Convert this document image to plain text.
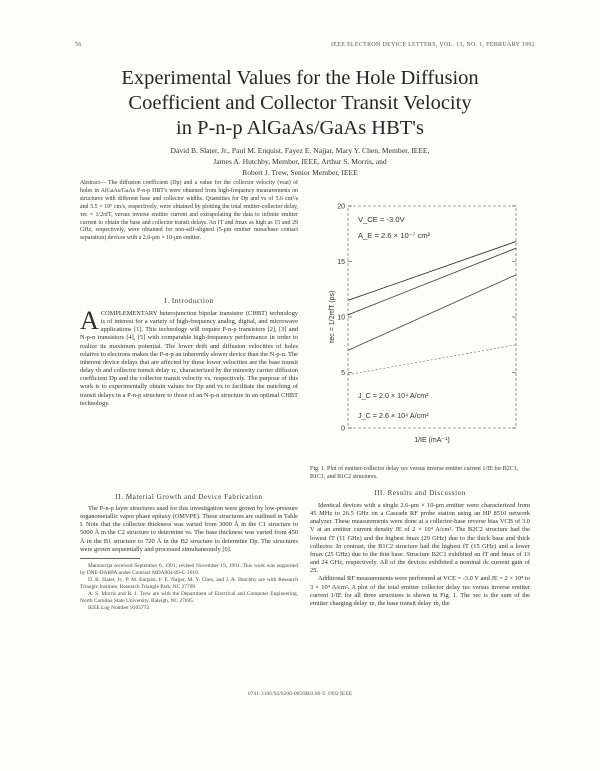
56	IEEE ELECTRON DEVICE LETTERS, VOL. 13, NO. 1, FEBRUARY 1992
Experimental Values for the Hole Diffusion
Coefficient and Collector Transit Velocity
in P-n-p AlGaAs/GaAs HBT's
David B. Slater, Jr., Paul M. Enquist, Fayez E. Najjar, Mary Y. Chen, Member, IEEE,
James A. Hutchby, Member, IEEE, Arthur S. Morris, and
Robert J. Trew, Senior Member, IEEE
Abstract— The diffusion coefficient (Dp) and a value for the collector velocity (vsat) of holes in AlGaAs/GaAs P-n-p HBT's were obtained from high-frequency measurements on structures with different base and collector widths. Quantities for Dp and vs of 5.6 cm²/s and 5.5 × 10⁶ cm/s, respectively, were obtained by plotting the total emitter-collector delay, τec = 1/2πfT, versus inverse emitter current and extrapolating the data to infinite emitter current to obtain the base and collector transit delays. An fT and fmax as high as 15 and 29 GHz, respectively, were obtained for non-self-aligned (5-μm emitter mesa/base contact separation) devices with a 2.6-μm × 10-μm emitter.
I. Introduction
ACOMPLEMENTARY heterojunction bipolar transistor (CHBT) technology is of interest for a variety of high-frequency analog, digital, and microwave applications [1]. This technology will require P-n-p transistors [2], [3] and N-p-n transistors [4], [5] with comparable high-frequency performance in order to realize its maximum potential. The lower drift and diffusion velocities of holes relative to electrons makes the P-n-p an inherently slower device than the N-p-n. The inherent device delays that are affected by these lower velocities are the base transit delay τb and collector transit delay τc, characterized by the minority carrier diffusion coefficient Dp and the collector transit velocity vs, respectively. The purpose of this work is to experimentally obtain values for Dp and vs to facilitate the matching of transit delays in a P-n-p structure to those of an N-p-n structure in an optimal CHBT technology.
II. Material Growth and Device Fabrication

The P-n-p layer structures used for this investigation were grown by low-pressure organometallic vapor phase epitaxy (OMVPE). These structures are outlined in Table I. Note that the collector thickness was varied from 3000 Å in the C1 structure to 5000 Å in the C2 structure to determine vs. The base thickness was varied from 450 Å in the B1 structure to 720 Å in the B2 structure to determine Dp. The structures were grown sequentially and processed simultaneously [6].

Manuscript received September 6, 1991; revised November 19, 1991. This work was supported by DNE-DARPA under Contract MDA904-89-C-1010.

D. B. Slater, Jr., P. M. Enquist, F. E. Najjar, M. Y. Chen, and J. A. Hutchby are with Research Triangle Institute, Research Triangle Park, NC 27709.

A. S. Morris and R. J. Trew are with the Department of Electrical and Computer Engineering, North Carolina State University, Raleigh, NC 27695.

IEEE Log Number 9105772.

0
5
10
15
20
τec = 1/2πfT (ps)
1/IE (mA⁻¹)
V_CE = -3.0V
A_E = 2.6 × 10⁻⁷ cm²
J_C = 2.0 × 10⁴ A/cm²
J_C = 2.6 × 10⁴ A/cm²
Fig. 1. Plot of emitter-collector delay τec versus inverse emitter current 1/IE for B2C1, B1C1, and B1C2 structures.
III. Results and Discussion

Identical devices with a single 2.6-μm × 10-μm emitter were characterized from 45 MHz to 26.5 GHz on a Cascade RF probe station using an HP 8510 network analyzer. These measurements were done at a collector-base reverse bias VCB of 3.0 V at an emitter current density JE of 2 × 10⁴ A/cm². The B2C2 structure had the lowest fT (11 GHz) and the highest fmax (29 GHz) due to the thick base and thick collector. In contrast, the B1C2 structure had the highest fT (15 GHz) and a lower fmax (25 GHz) due to the thin base. Structure B2C1 exhibited an fT and fmax of 13 and 24 GHz, respectively. All of the devices exhibited a nominal dc current gain of 25.

Additional RF measurements were performed at VCE = -3.0 V and JE = 2 × 10⁴ to 3 × 10⁴ A/cm². A plot of the total emitter collector delay τec versus inverse emitter current 1/IE for all three structures is shown in Fig. 1. The τec is the sum of the emitter charging delay τe, the base transit delay τb, the

0741-3106/92/0200-0056$03.00 © 1992 IEEE
